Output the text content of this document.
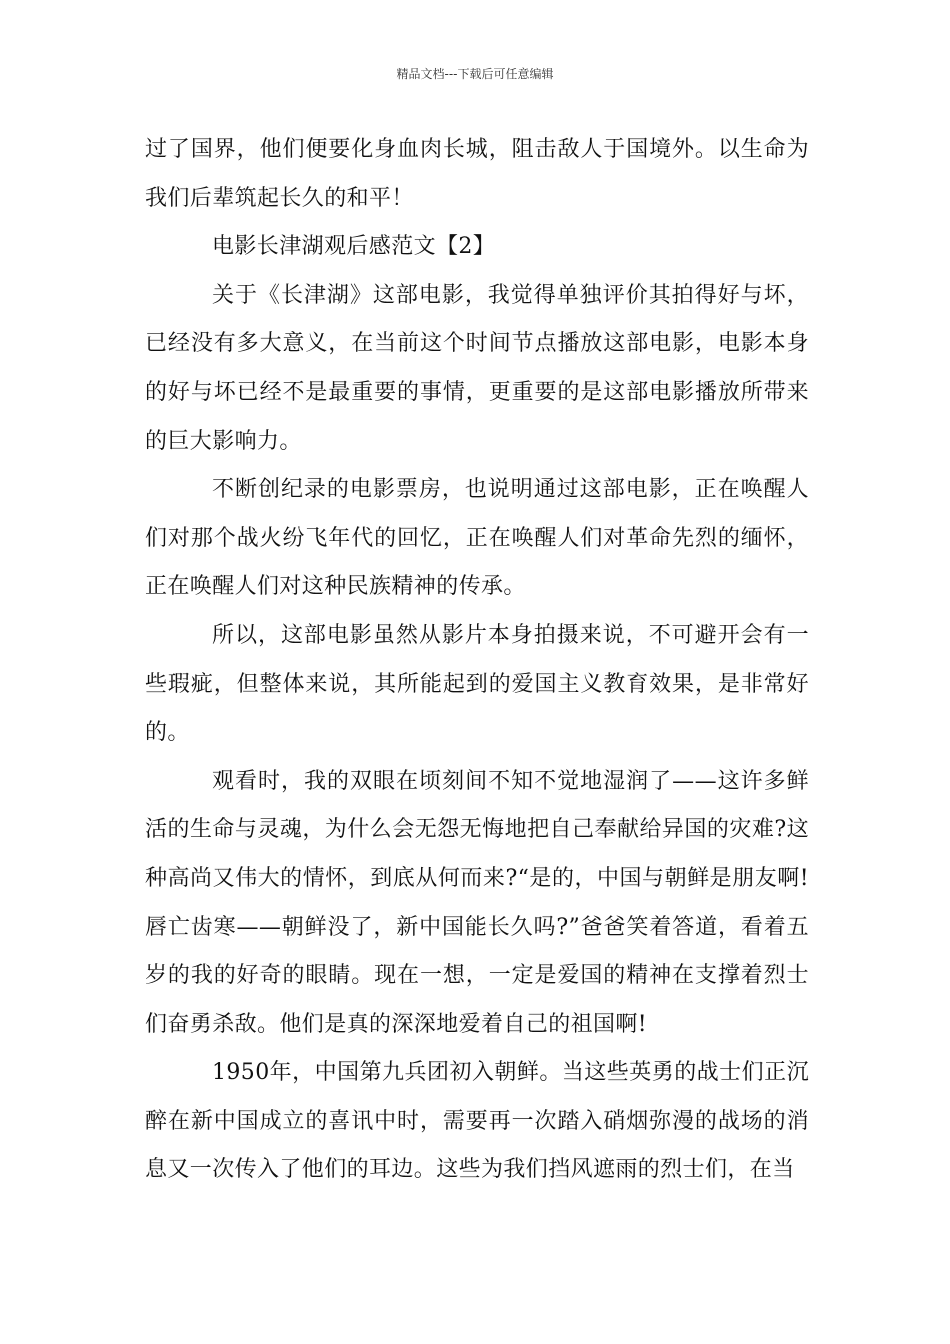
精品文档---下载后可任意编辑

过了国界，他们便要化身血肉长城，阻击敌人于国境外。以生命为我们后辈筑起长久的和平！

电影长津湖观后感范文【2】

关于《长津湖》这部电影，我觉得单独评价其拍得好与坏，已经没有多大意义，在当前这个时间节点播放这部电影，电影本身的好与坏已经不是最重要的事情，更重要的是这部电影播放所带来的巨大影响力。

不断创纪录的电影票房，也说明通过这部电影，正在唤醒人们对那个战火纷飞年代的回忆，正在唤醒人们对革命先烈的缅怀，正在唤醒人们对这种民族精神的传承。

所以，这部电影虽然从影片本身拍摄来说，不可避开会有一些瑕疵，但整体来说，其所能起到的爱国主义教育效果，是非常好的。

观看时，我的双眼在顷刻间不知不觉地湿润了——这许多鲜活的生命与灵魂，为什么会无怨无悔地把自己奉献给异国的灾难?这种高尚又伟大的情怀，到底从何而来?“是的，中国与朝鲜是朋友啊!唇亡齿寒——朝鲜没了，新中国能长久吗?”爸爸笑着答道，看着五岁的我的好奇的眼睛。现在一想，一定是爱国的精神在支撑着烈士们奋勇杀敌。他们是真的深深地爱着自己的祖国啊!

1950年，中国第九兵团初入朝鲜。当这些英勇的战士们正沉醉在新中国成立的喜讯中时，需要再一次踏入硝烟弥漫的战场的消息又一次传入了他们的耳边。这些为我们挡风遮雨的烈士们，在当
